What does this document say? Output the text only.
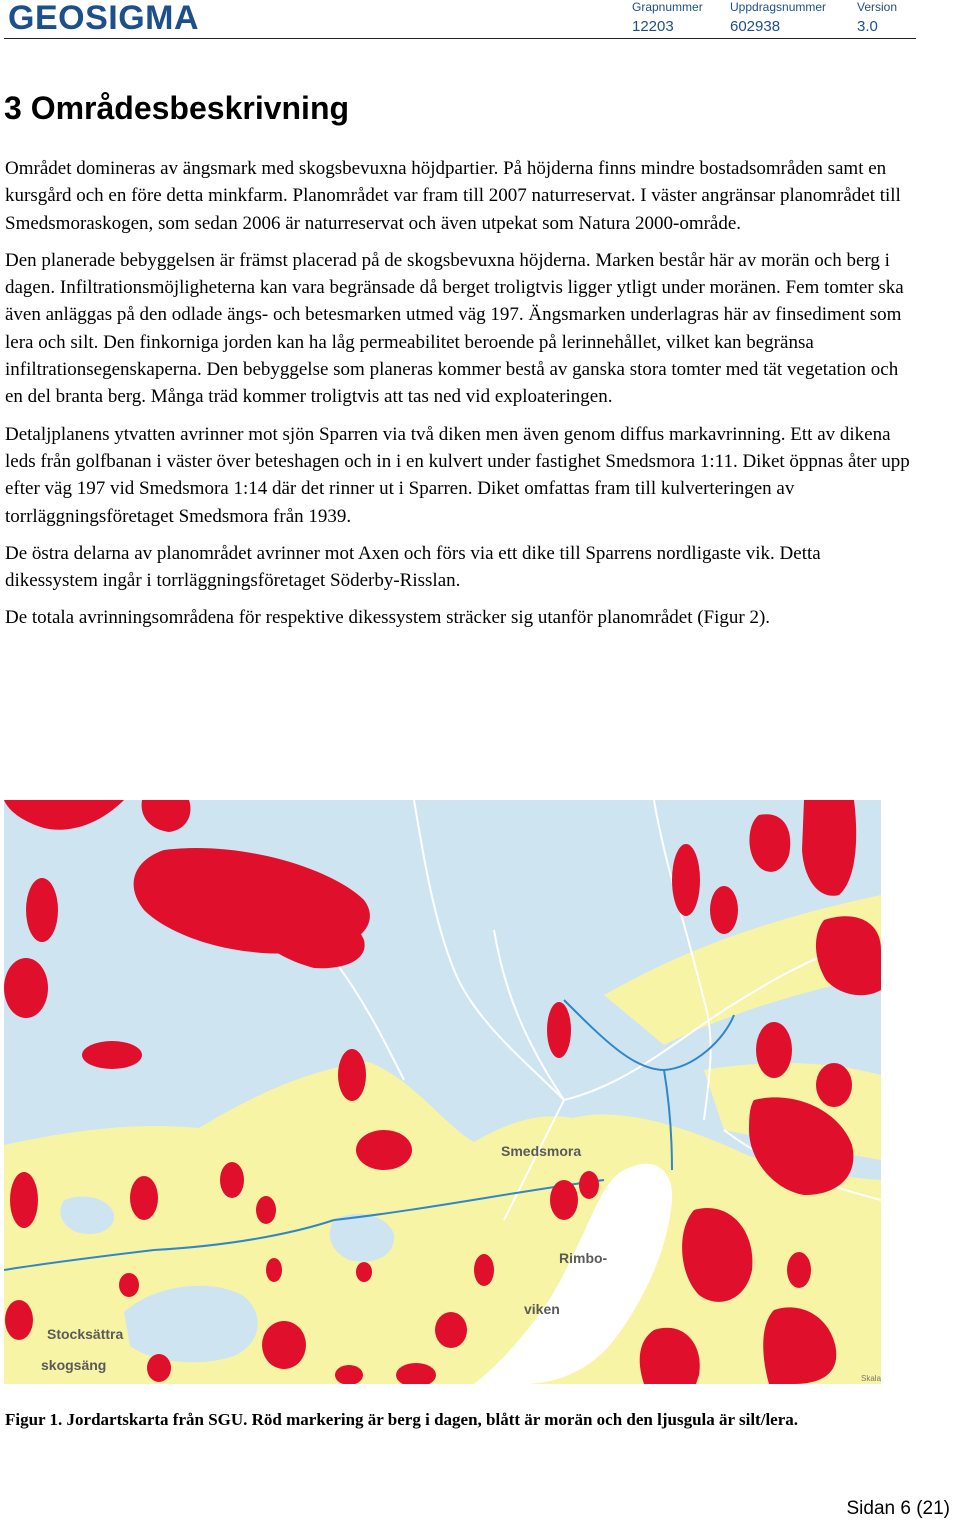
GEOSIGMA	Grapnummer
12203
Uppdragsnummer
602938
Version
3.0
3 Områdesbeskrivning

Området domineras av ängsmark med skogsbevuxna höjdpartier. På höjderna finns mindre bostadsområden samt en kursgård och en före detta minkfarm. Planområdet var fram till 2007 naturreservat. I väster angränsar planområdet till Smedsmoraskogen, som sedan 2006 är naturreservat och även utpekat som Natura 2000-område.

Den planerade bebyggelsen är främst placerad på de skogsbevuxna höjderna. Marken består här av morän och berg i dagen. Infiltrationsmöjligheterna kan vara begränsade då berget troligtvis ligger ytligt under moränen. Fem tomter ska även anläggas på den odlade ängs- och betesmarken utmed väg 197. Ängsmarken underlagras här av finsediment som lera och silt. Den finkorniga jorden kan ha låg permeabilitet beroende på lerinnehållet, vilket kan begränsa infiltrationsegenskaperna. Den bebyggelse som planeras kommer bestå av ganska stora tomter med tät vegetation och en del branta berg. Många träd kommer troligtvis att tas ned vid exploateringen.

Detaljplanens ytvatten avrinner mot sjön Sparren via två diken men även genom diffus markavrinning. Ett av dikena leds från golfbanan i väster över beteshagen och in i en kulvert under fastighet Smedsmora 1:11. Diket öppnas åter upp efter väg 197 vid Smedsmora 1:14 där det rinner ut i Sparren. Diket omfattas fram till kulverteringen av torrläggningsföretaget Smedsmora från 1939.

De östra delarna av planområdet avrinner mot Axen och förs via ett dike till Sparrens nordligaste vik. Detta dikessystem ingår i torrläggningsföretaget Söderby-Risslan.

De totala avrinningsområdena för respektive dikessystem sträcker sig utanför planområdet (Figur 2).

Smedsmora
Rimbo-
viken
Stocksättra
skogsäng
Skala
Figur 1. Jordartskarta från SGU. Röd markering är berg i dagen, blått är morän och den ljusgula är silt/lera.
Sidan 6 (21)
